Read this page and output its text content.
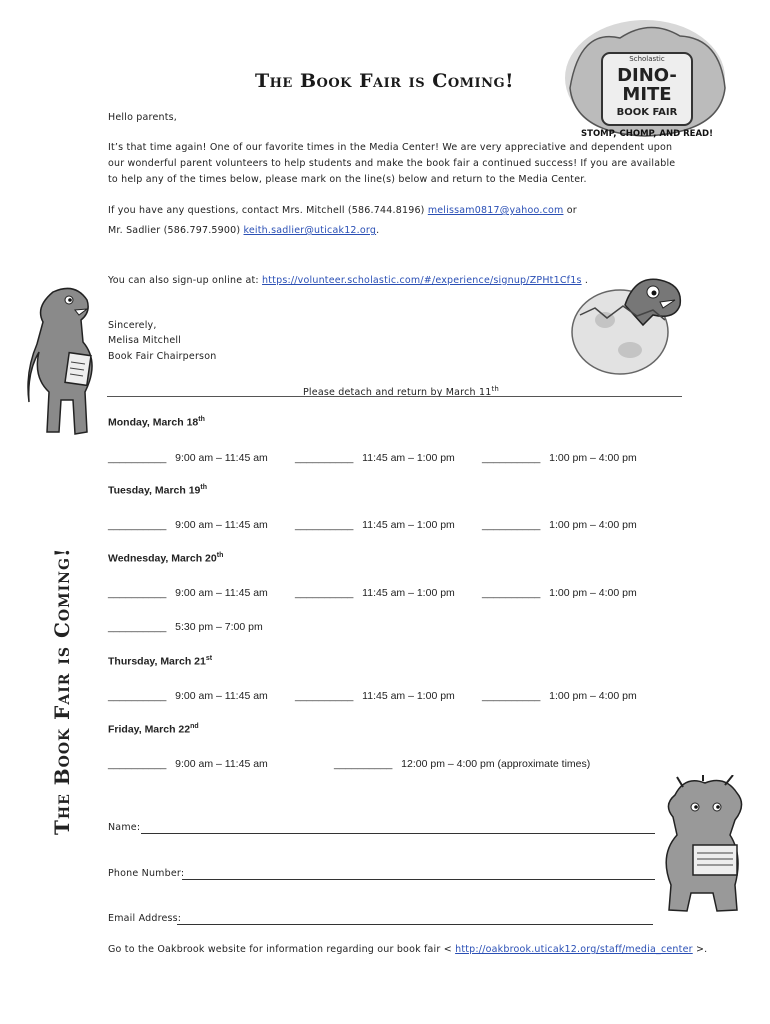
The Book Fair is Coming!
Scholastic
DINO-
MITE
BOOK FAIR
STOMP, CHOMP, AND READ!
Hello parents,
It’s that time again! One of our favorite times in the Media Center! We are very appreciative and dependent upon our wonderful parent volunteers to help students and make the book fair a continued success! If you are available to help any of the times below, please mark on the line(s) below and return to the Media Center.
If you have any questions, contact Mrs. Mitchell (586.744.8196) melissam0817@yahoo.com or
Mr. Sadlier (586.797.5900) keith.sadlier@uticak12.org.
You can also sign-up online at: https://volunteer.scholastic.com/#/experience/signup/ZPHt1Cf1s .
Sincerely,
Melisa Mitchell
Book Fair Chairperson
Please detach and return by March 11th
The Book Fair is Coming!
Monday, March 18th
__________ 9:00 am – 11:45 am	__________ 11:45 am – 1:00 pm	__________ 1:00 pm – 4:00 pm
Tuesday, March 19th
__________ 9:00 am – 11:45 am	__________ 11:45 am – 1:00 pm	__________ 1:00 pm – 4:00 pm
Wednesday, March 20th
__________ 9:00 am – 11:45 am	__________ 11:45 am – 1:00 pm	__________ 1:00 pm – 4:00 pm
__________ 5:30 pm – 7:00 pm
Thursday, March 21st
__________ 9:00 am – 11:45 am	__________ 11:45 am – 1:00 pm	__________ 1:00 pm – 4:00 pm
Friday, March 22nd
__________ 9:00 am – 11:45 am	__________ 12:00 pm – 4:00 pm (approximate times)
Name:
Phone Number:
Email Address:
Go to the Oakbrook website for information regarding our book fair < http://oakbrook.uticak12.org/staff/media_center >.
